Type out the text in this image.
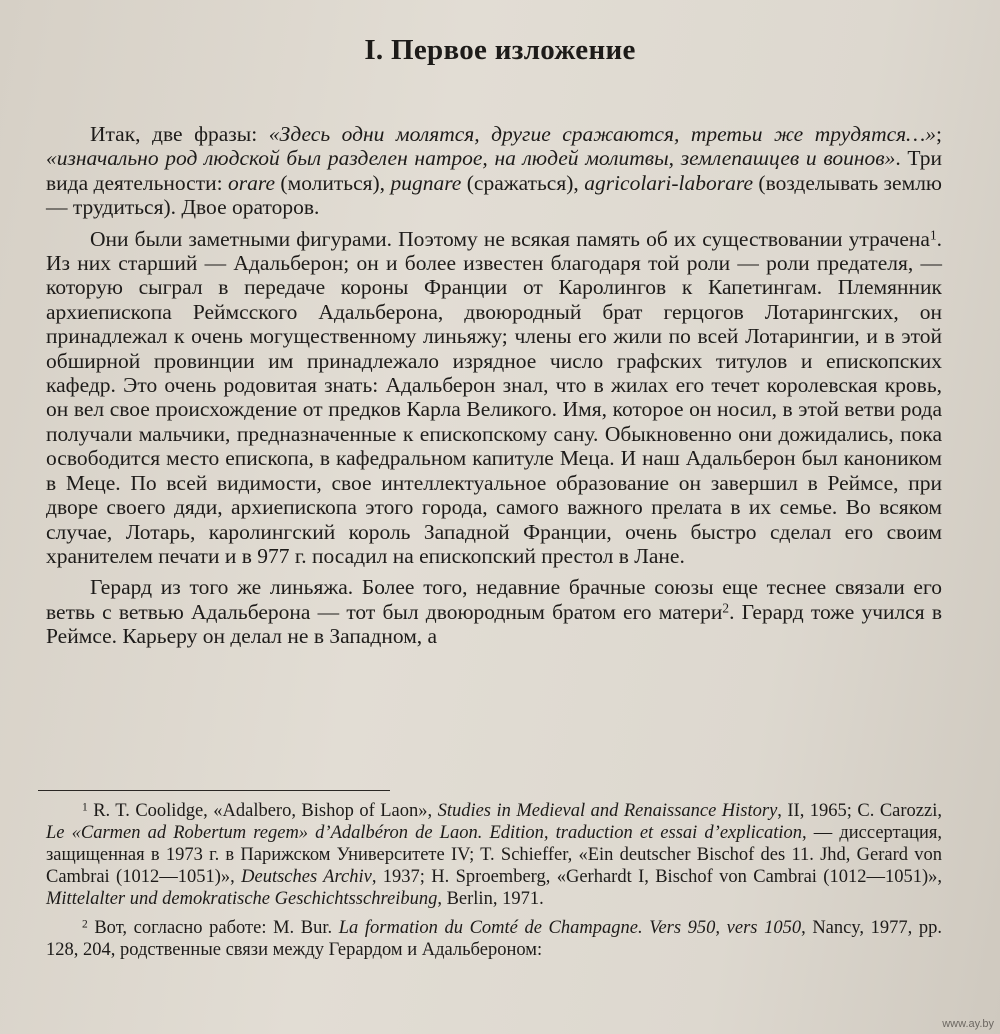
⠀
I. Первое изложение

Итак, две фразы: «Здесь одни молятся, другие сражаются, третьи же трудятся…»; «изначально род людской был разделен натрое, на людей молитвы, землепашцев и воинов». Три вида деятельности: orare (молиться), pugnare (сражаться), agricolari-laborare (возделывать землю — трудиться). Двое ораторов.

Они были заметными фигурами. Поэтому не всякая память об их существовании утрачена$^1$. Из них старший — Адальберон; он и более известен благодаря той роли — роли предателя, — которую сыграл в передаче короны Франции от Каролингов к Капетингам. Племянник архиепископа Реймсского Адальберона, двоюродный брат герцогов Лотарингских, он принадлежал к очень могущественному линьяжу; члены его жили по всей Лотарингии, и в этой обширной провинции им принадлежало изрядное число графских титулов и епископских кафедр. Это очень родовитая знать: Адальберон знал, что в жилах его течет королевская кровь, он вел свое происхождение от предков Карла Великого. Имя, которое он носил, в этой ветви рода получали мальчики, предназначенные к епископскому сану. Обыкновенно они дожидались, пока освободится место епископа, в кафедральном капитуле Меца. И наш Адальберон был каноником в Меце. По всей видимости, свое интеллектуальное образование он завершил в Реймсе, при дворе своего дяди, архиепископа этого города, самого важного прелата в их семье. Во всяком случае, Лотарь, каролингский король Западной Франции, очень быстро сделал его своим хранителем печати и в 977 г. посадил на епископский престол в Лане.

Герард из того же линьяжа. Более того, недавние брачные союзы еще теснее связали его ветвь с ветвью Адальберона — тот был двоюродным братом его матери$^2$. Герард тоже учился в Реймсе. Карьеру он делал не в Западном, а

$^1$ R. T. Coolidge, «Adalbero, Bishop of Laon», Studies in Medieval and Renaissance History, II, 1965; C. Carozzi, Le «Carmen ad Robertum regem» d’Adalbéron de Laon. Edition, traduction et essai d’explication, — диссертация, защищенная в 1973 г. в Парижском Университете IV; T. Schieffer, «Ein deutscher Bischof des 11. Jhd, Gerard von Cambrai (1012—1051)», Deutsches Archiv, 1937; H. Sproemberg, «Gerhardt I, Bischof von Cambrai (1012—1051)», Mittelalter und demokratische Geschichtsschreibung, Berlin, 1971.

$^2$ Вот, согласно работе: M. Bur. La formation du Comté de Champagne. Vers 950, vers 1050, Nancy, 1977, pp. 128, 204, родственные связи между Герардом и Адальбероном:

www.ay.by
